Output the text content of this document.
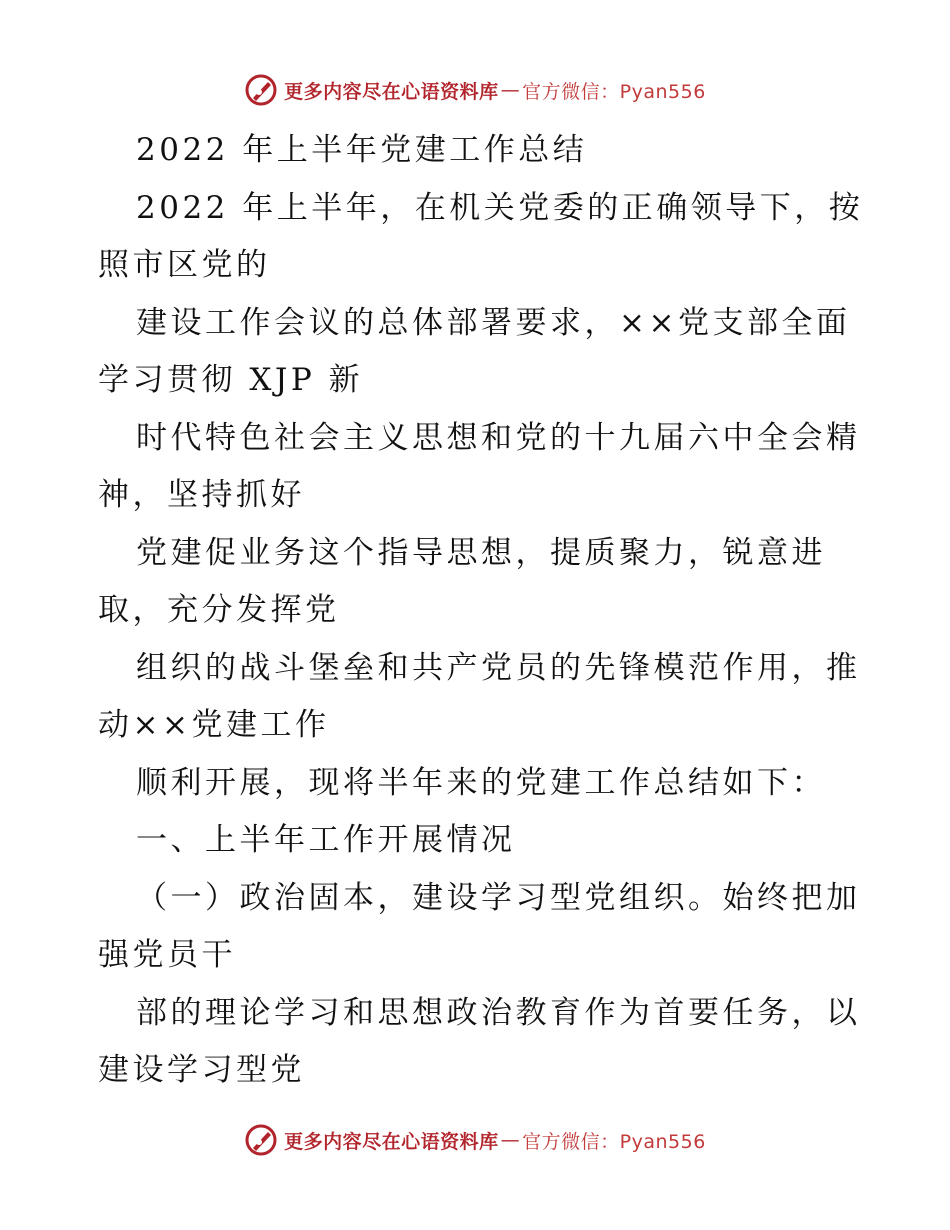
更多内容尽在心语资料库 — 官方微信：Pyan556
2022 年上半年党建工作总结
2022 年上半年，在机关党委的正确领导下，按
照市区党的
建设工作会议的总体部署要求，××党支部全面
学习贯彻 XJP 新
时代特色社会主义思想和党的十九届六中全会精
神，坚持抓好
党建促业务这个指导思想，提质聚力，锐意进
取，充分发挥党
组织的战斗堡垒和共产党员的先锋模范作用，推
动××党建工作
顺利开展，现将半年来的党建工作总结如下：
一、上半年工作开展情况
（一）政治固本，建设学习型党组织。始终把加
强党员干
部的理论学习和思想政治教育作为首要任务，以
建设学习型党
更多内容尽在心语资料库 — 官方微信：Pyan556
